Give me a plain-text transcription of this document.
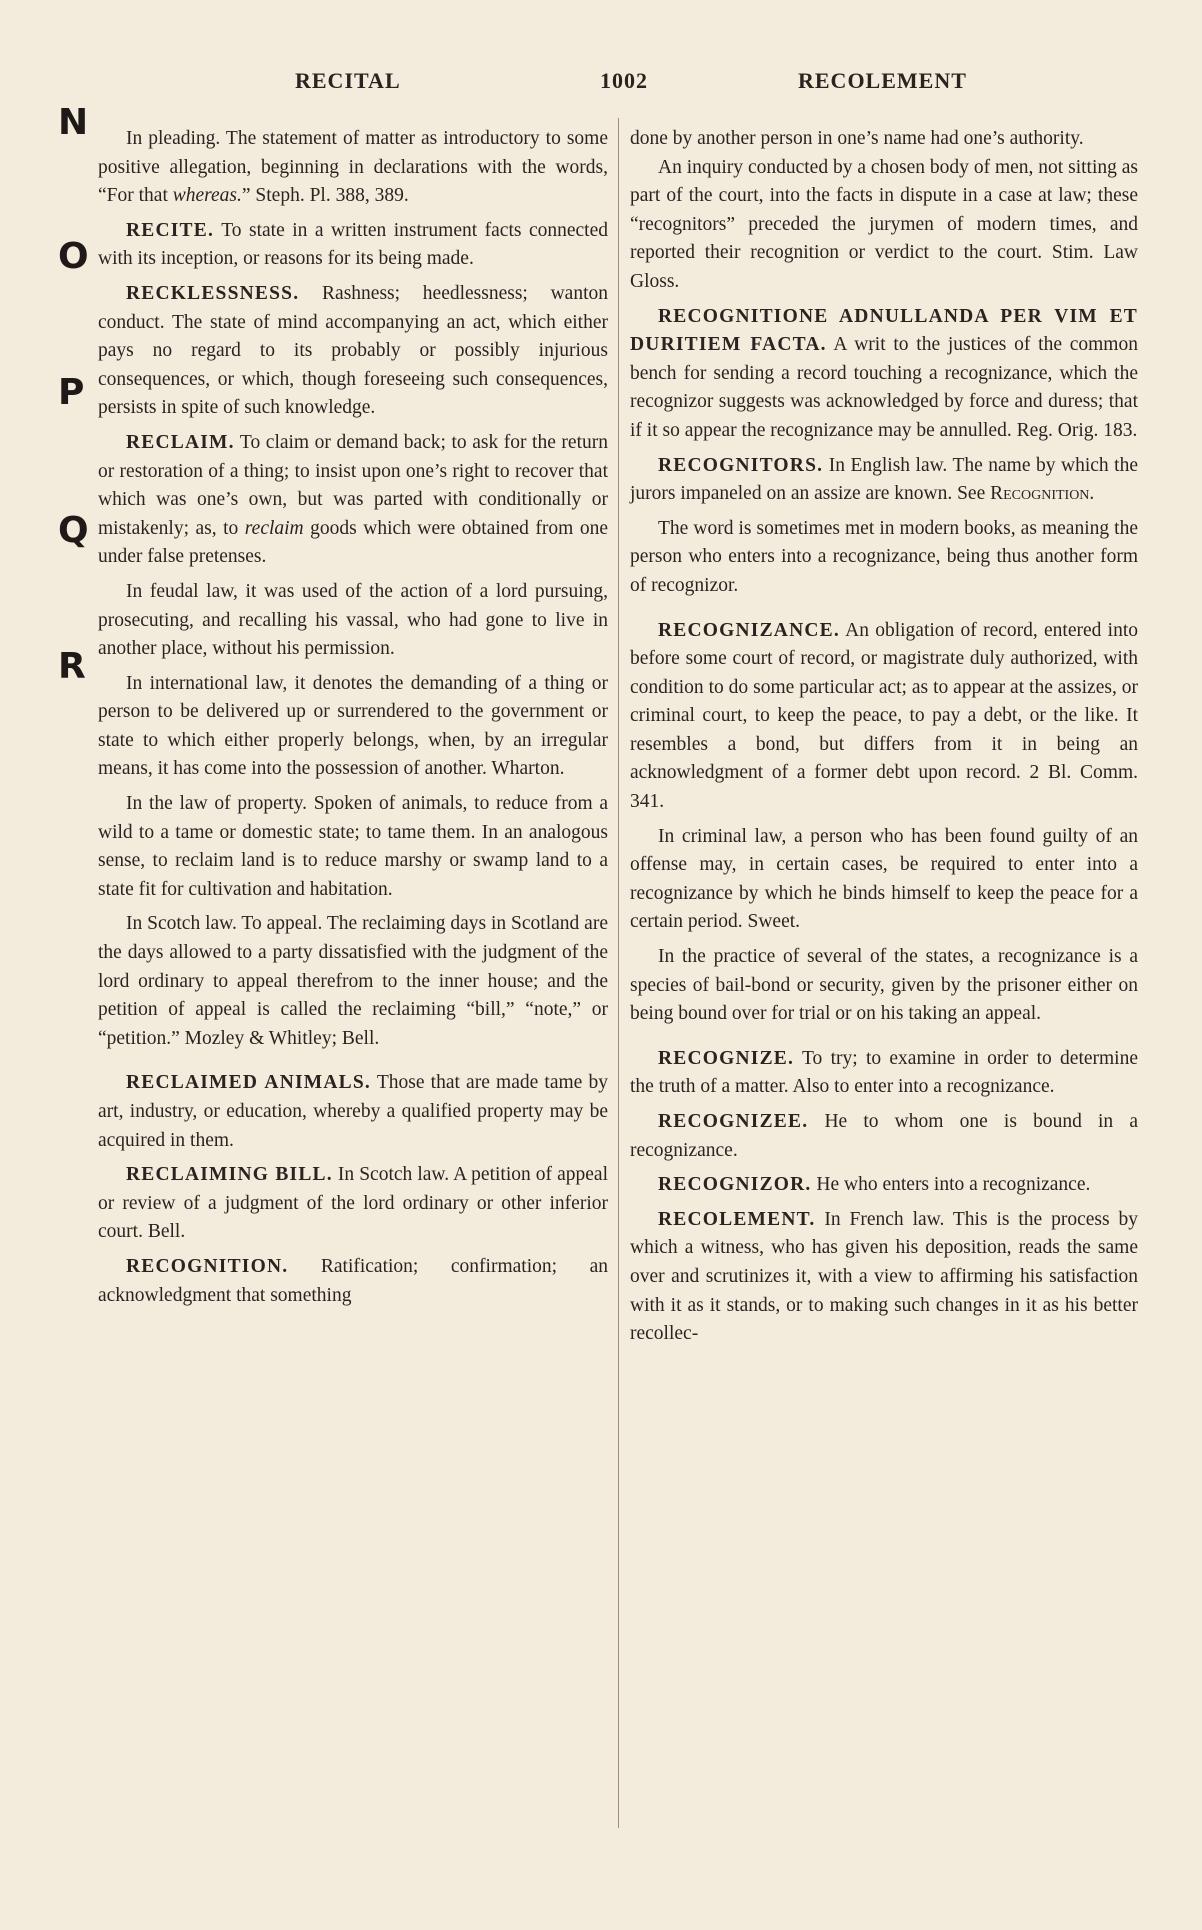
RECITAL	1002	RECOLEMENT
N
O
P
Q
R

In pleading. The statement of matter as introductory to some positive allegation, beginning in declarations with the words, “For that whereas.” Steph. Pl. 388, 389.

RECITE. To state in a written instrument facts connected with its inception, or reasons for its being made.

RECKLESSNESS. Rashness; heedlessness; wanton conduct. The state of mind accompanying an act, which either pays no regard to its probably or possibly injurious consequences, or which, though foreseeing such consequences, persists in spite of such knowledge.

RECLAIM. To claim or demand back; to ask for the return or restoration of a thing; to insist upon one’s right to recover that which was one’s own, but was parted with conditionally or mistakenly; as, to reclaim goods which were obtained from one under false pretenses.

In feudal law, it was used of the action of a lord pursuing, prosecuting, and recalling his vassal, who had gone to live in another place, without his permission.

In international law, it denotes the demanding of a thing or person to be delivered up or surrendered to the government or state to which either properly belongs, when, by an irregular means, it has come into the possession of another. Wharton.

In the law of property. Spoken of animals, to reduce from a wild to a tame or domestic state; to tame them. In an analogous sense, to reclaim land is to reduce marshy or swamp land to a state fit for cultivation and habitation.

In Scotch law. To appeal. The reclaiming days in Scotland are the days allowed to a party dissatisfied with the judgment of the lord ordinary to appeal therefrom to the inner house; and the petition of appeal is called the reclaiming “bill,” “note,” or “petition.” Mozley & Whitley; Bell.

RECLAIMED ANIMALS. Those that are made tame by art, industry, or education, whereby a qualified property may be acquired in them.

RECLAIMING BILL. In Scotch law. A petition of appeal or review of a judgment of the lord ordinary or other inferior court. Bell.

RECOGNITION. Ratification; confirmation; an acknowledgment that something

done by another person in one’s name had one’s authority.

An inquiry conducted by a chosen body of men, not sitting as part of the court, into the facts in dispute in a case at law; these “recognitors” preceded the jurymen of modern times, and reported their recognition or verdict to the court. Stim. Law Gloss.

RECOGNITIONE ADNULLANDA PER VIM ET DURITIEM FACTA. A writ to the justices of the common bench for sending a record touching a recognizance, which the recognizor suggests was acknowledged by force and duress; that if it so appear the recognizance may be annulled. Reg. Orig. 183.

RECOGNITORS. In English law. The name by which the jurors impaneled on an assize are known. See Recognition.

The word is sometimes met in modern books, as meaning the person who enters into a recognizance, being thus another form of recognizor.

RECOGNIZANCE. An obligation of record, entered into before some court of record, or magistrate duly authorized, with condition to do some particular act; as to appear at the assizes, or criminal court, to keep the peace, to pay a debt, or the like. It resembles a bond, but differs from it in being an acknowledgment of a former debt upon record. 2 Bl. Comm. 341.

In criminal law, a person who has been found guilty of an offense may, in certain cases, be required to enter into a recognizance by which he binds himself to keep the peace for a certain period. Sweet.

In the practice of several of the states, a recognizance is a species of bail-bond or security, given by the prisoner either on being bound over for trial or on his taking an appeal.

RECOGNIZE. To try; to examine in order to determine the truth of a matter. Also to enter into a recognizance.

RECOGNIZEE. He to whom one is bound in a recognizance.

RECOGNIZOR. He who enters into a recognizance.

RECOLEMENT. In French law. This is the process by which a witness, who has given his deposition, reads the same over and scrutinizes it, with a view to affirming his satisfaction with it as it stands, or to making such changes in it as his better recollec-
